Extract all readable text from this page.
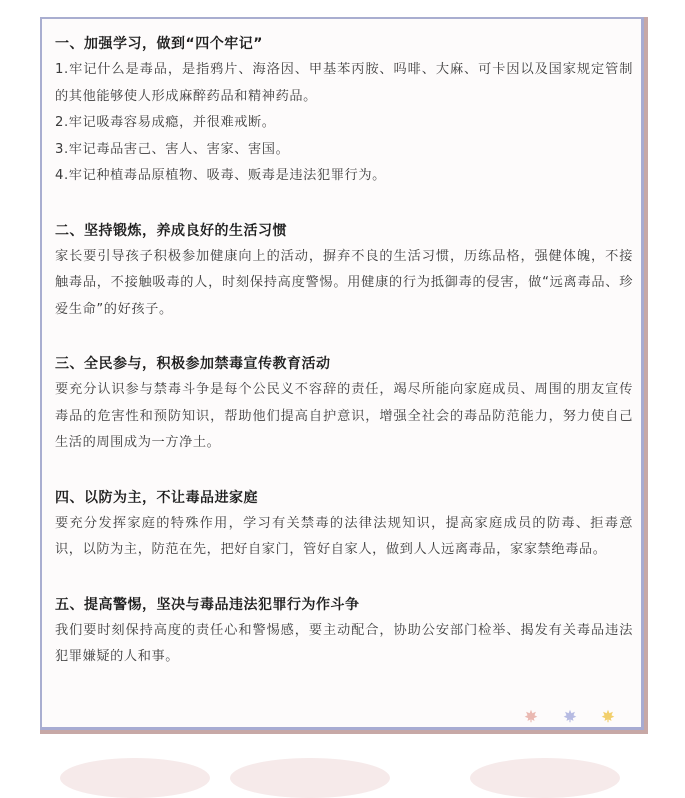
一、加强学习，做到“四个牢记”

1.牢记什么是毒品，是指鸦片、海洛因、甲基苯丙胺、吗啡、大麻、可卡因以及国家规定管制的其他能够使人形成麻醉药品和精神药品。

2.牢记吸毒容易成瘾，并很难戒断。

3.牢记毒品害己、害人、害家、害国。

4.牢记种植毒品原植物、吸毒、贩毒是违法犯罪行为。

二、坚持锻炼，养成良好的生活习惯

家长要引导孩子积极参加健康向上的活动，摒弃不良的生活习惯，历练品格，强健体魄，不接触毒品，不接触吸毒的人，时刻保持高度警惕。用健康的行为抵御毒的侵害，做“远离毒品、珍爱生命”的好孩子。

三、全民参与，积极参加禁毒宣传教育活动

要充分认识参与禁毒斗争是每个公民义不容辞的责任，竭尽所能向家庭成员、周围的朋友宣传毒品的危害性和预防知识，帮助他们提高自护意识，增强全社会的毒品防范能力，努力使自己生活的周围成为一方净土。

四、以防为主，不让毒品进家庭

要充分发挥家庭的特殊作用，学习有关禁毒的法律法规知识，提高家庭成员的防毒、拒毒意识，以防为主，防范在先，把好自家门，管好自家人，做到人人远离毒品，家家禁绝毒品。

五、提高警惕，坚决与毒品违法犯罪行为作斗争

我们要时刻保持高度的责任心和警惕感，要主动配合，协助公安部门检举、揭发有关毒品违法犯罪嫌疑的人和事。
